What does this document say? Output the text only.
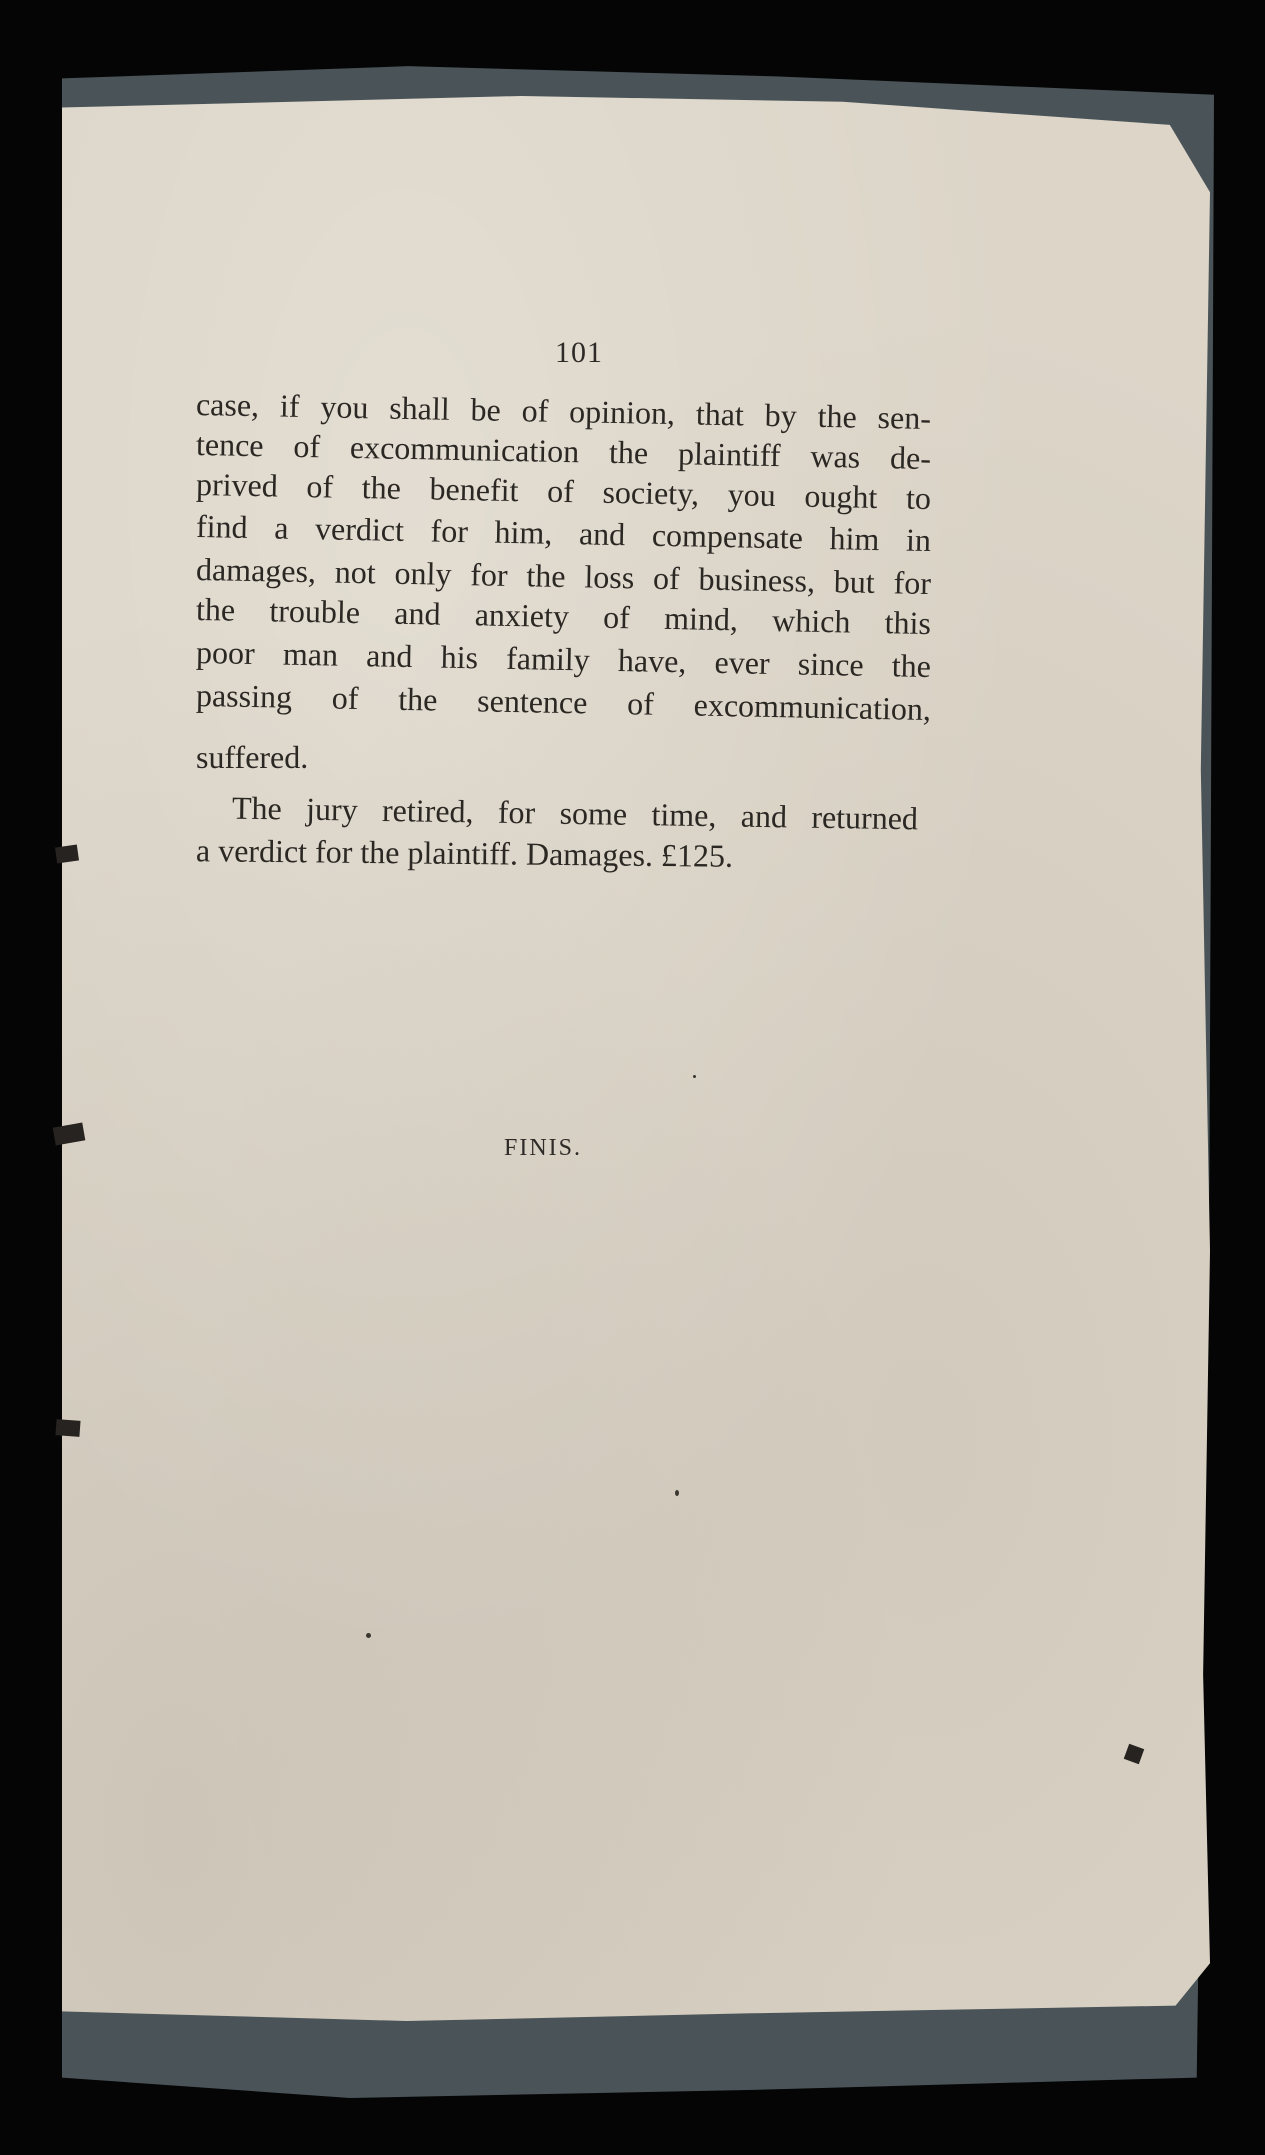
101
case, if you shall be of opinion, that by the sen-
tence of excommunication the plaintiff was de-
prived of the benefit of society, you ought to
find a verdict for him, and compensate him in
damages, not only for the loss of business, but for
the trouble and anxiety of mind, which this
poor man and his family have, ever since the
passing of the sentence of excommunication,
suffered.
The jury retired, for some time, and returned
a verdict for the plaintiff. Damages. £125.
FINIS.
